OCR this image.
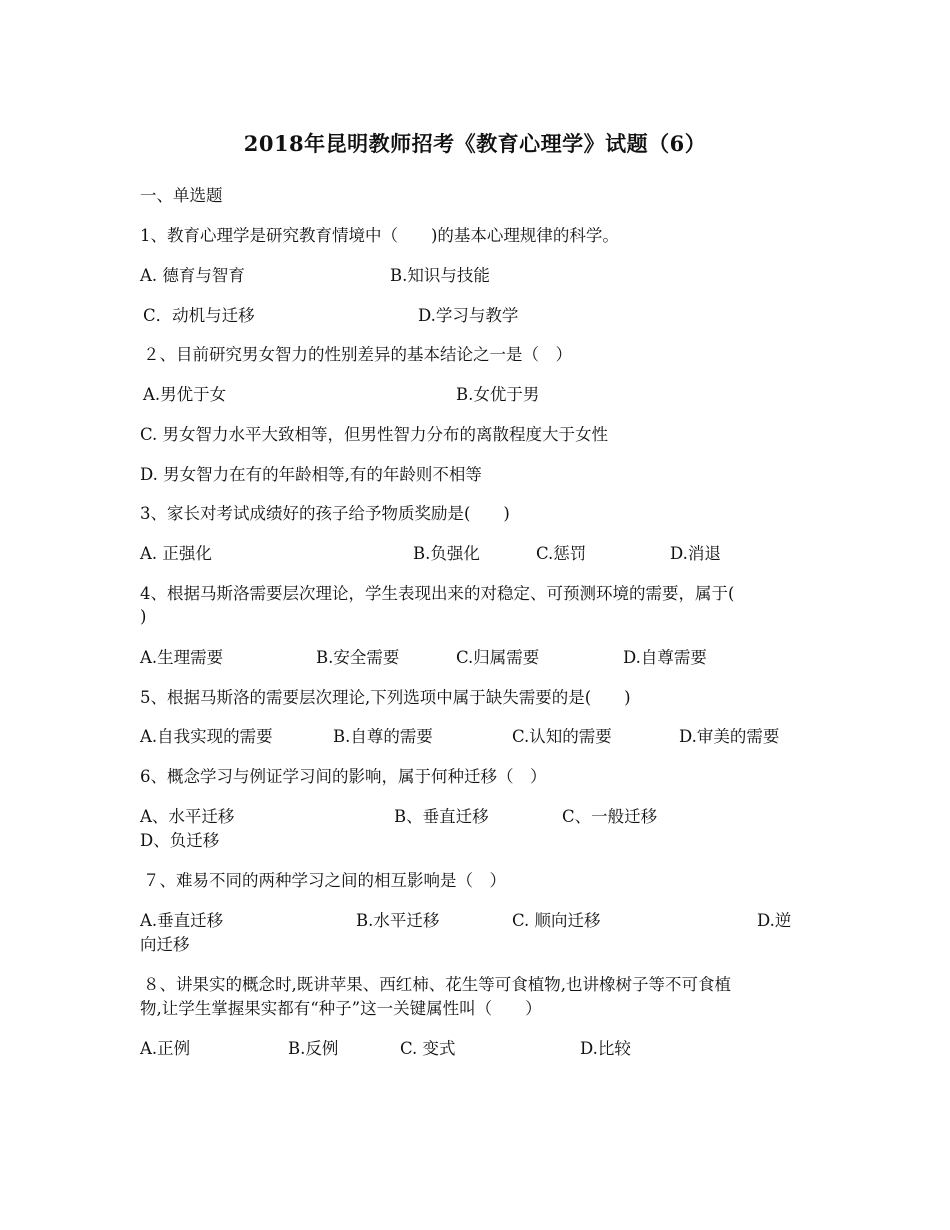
2018年昆明教师招考《教育心理学》试题（6）
一、单选题
1、教育心理学是研究教育情境中（　　)的基本心理规律的科学。
A. 德育与智育	B.知识与技能
C．动机与迁移	D.学习与教学
２、目前研究男女智力的性别差异的基本结论之一是（　）
A.男优于女	B.女优于男
C. 男女智力水平大致相等，但男性智力分布的离散程度大于女性
D. 男女智力在有的年龄相等,有的年龄则不相等
3、家长对考试成绩好的孩子给予物质奖励是(　　)
A. 正强化	B.负强化	C.惩罚	D.消退
4、根据马斯洛需要层次理论，学生表现出来的对稳定、可预测环境的需要，属于(
)
A.生理需要	B.安全需要	C.归属需要	D.自尊需要
5、根据马斯洛的需要层次理论,下列选项中属于缺失需要的是(　　)
A.自我实现的需要	B.自尊的需要	C.认知的需要	D.审美的需要
6、概念学习与例证学习间的影响，属于何种迁移（　）
A、水平迁移	B、垂直迁移	C、一般迁移
D、负迁移
７、难易不同的两种学习之间的相互影响是（　）
A.垂直迁移	B.水平迁移	C. 顺向迁移	D.逆
向迁移
８、讲果实的概念时,既讲苹果、西红柿、花生等可食植物,也讲橡树子等不可食植
物,让学生掌握果实都有“种子”这一关键属性叫（　　）
A.正例	B.反例	C. 变式	D.比较
